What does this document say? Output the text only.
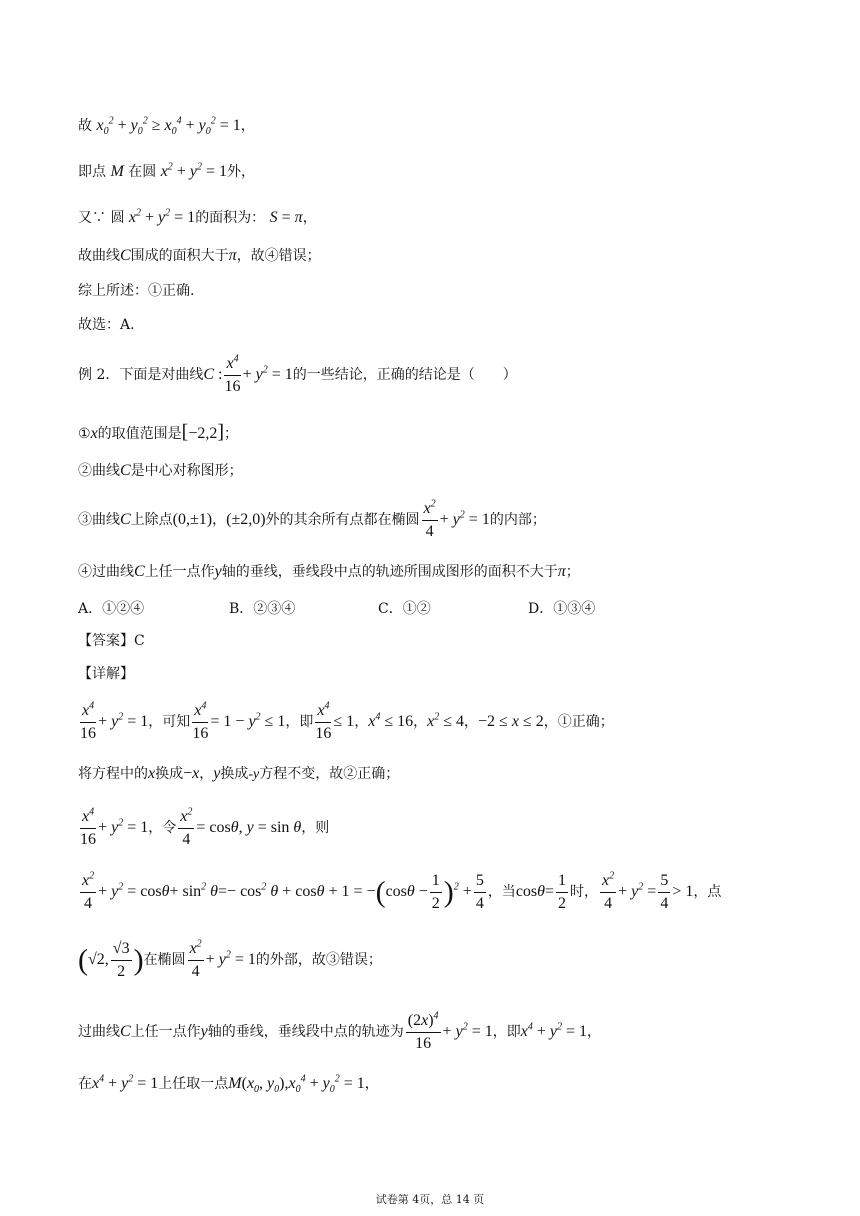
故 $x_0^2 + y_0^2 \ge x_0^4 + y_0^2 = 1$，
即点 M 在圆 $x^2 + y^2 = 1$外，
又∵ 圆 $x^2 + y^2 = 1$的面积为： S = π，
故曲线C围成的面积大于π，故④错误；
综上所述：①正确.
故选：A.
例 2．下面是对曲线C : $\frac{x^4}{16} + y^2 = 1$的一些结论，正确的结论是（　　）
①x的取值范围是[−2,2]；
②曲线C是中心对称图形；
③曲线C上除点(0,±1)，(±2,0)外的其余所有点都在椭圆 $\frac{x^2}{4} + y^2 = 1$的内部；
④过曲线C上任一点作y轴的垂线，垂线段中点的轨迹所围成图形的面积不大于π；
A．①②④	B．②③④	C．①②	D．①③④
【答案】C
【详解】
$\frac{x^4}{16} + y^2 = 1$，可知 $\frac{x^4}{16} = 1 - y^2 \le 1$，即 $\frac{x^4}{16} \le 1$，$x^4 \le 16$，$x^2 \le 4$，−2 ≤ x ≤ 2，①正确；
将方程中的x换成−x，y换成-y方程不变，故②正确；
$\frac{x^4}{16} + y^2 = 1$，令 $\frac{x^2}{4} = \cos\theta$, y = sin θ，则
$\frac{x^2}{4} + y^2 = \cos\theta+ \sin^2 \theta=- \cos^2 \theta + \cos\theta + 1 = -(\cos\theta - \frac{1}{2} )^2 + \frac{5}{4}$ ，当$\cos\theta= \frac{1}{2}$ 时， $\frac{x^2}{4} + y^2 = \frac{5}{4} > 1$，点
(√2, $\frac{√3}{2}$ )在椭圆 $\frac{x^2}{4} + y^2 = 1$的外部，故③错误；
过曲线C上任一点作y轴的垂线，垂线段中点的轨迹为 $\frac{(2x)^4}{16} + y^2 = 1$，即$x^4 + y^2 = 1$，
在$x^4 + y^2 = 1$上任取一点$M(x_0$, $y_0),x_0^4 + y_0^2 = 1$，
试卷第 4页，总 14 页
